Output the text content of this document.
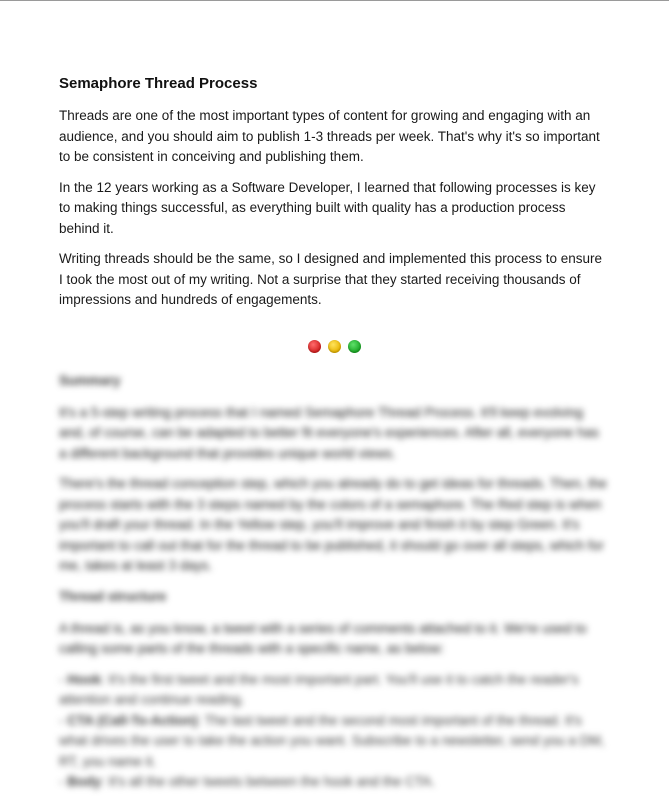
Semaphore Thread Process

Threads are one of the most important types of content for growing and engaging with an audience, and you should aim to publish 1-3 threads per week. That's why it's so important to be consistent in conceiving and publishing them.

In the 12 years working as a Software Developer, I learned that following processes is key to making things successful, as everything built with quality has a production process behind it.

Writing threads should be the same, so I designed and implemented this process to ensure I took the most out of my writing. Not a surprise that they started receiving thousands of impressions and hundreds of engagements.

Summary

It's a 5-step writing process that I named Semaphore Thread Process. It'll keep evolving and, of course, can be adapted to better fit everyone's experiences. After all, everyone has a different background that provides unique world views.

There's the thread conception step, which you already do to get ideas for threads. Then, the process starts with the 3 steps named by the colors of a semaphore. The Red step is when you'll draft your thread. In the Yellow step, you'll improve and finish it by step Green. It's important to call out that for the thread to be published, it should go over all steps, which for me, takes at least 3 days.

Thread structure

A thread is, as you know, a tweet with a series of comments attached to it. We're used to calling some parts of the threads with a specific name, as below:

- Hook: It's the first tweet and the most important part. You'll use it to catch the reader's attention and continue reading.

- CTA (Call-To-Action): The last tweet and the second most important of the thread. It's what drives the user to take the action you want. Subscribe to a newsletter, send you a DM, RT, you name it.

- Body: It's all the other tweets between the hook and the CTA.
